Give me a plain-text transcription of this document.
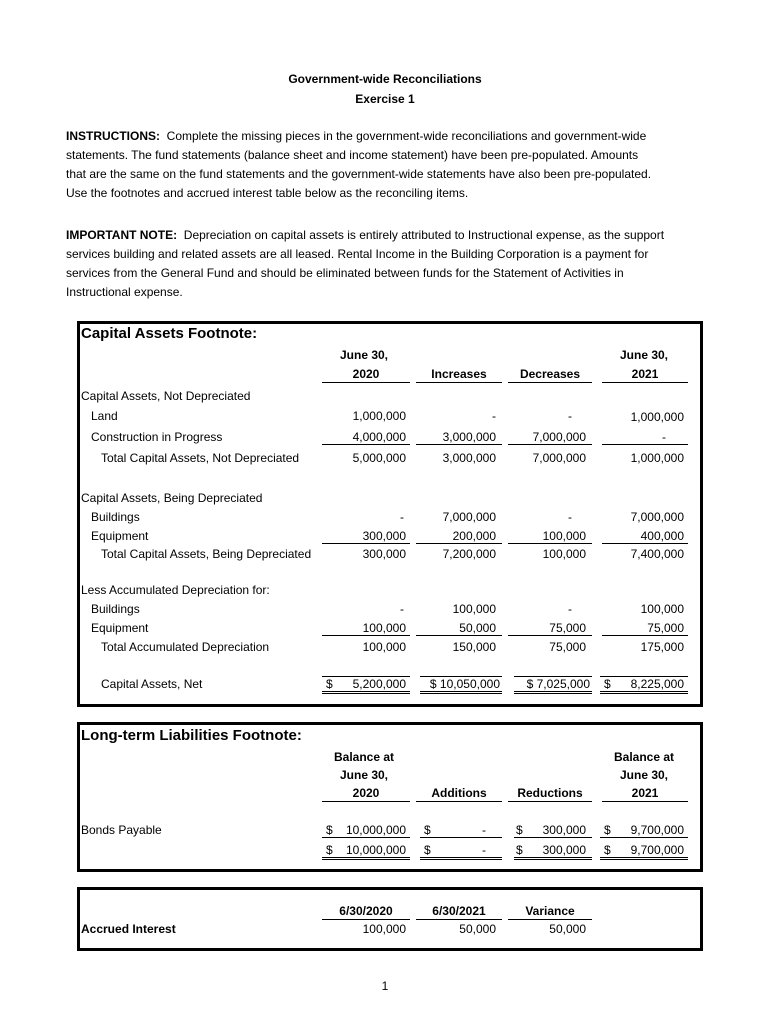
Government-wide Reconciliations
Exercise 1
INSTRUCTIONS: Complete the missing pieces in the government-wide reconciliations and government-wide
statements. The fund statements (balance sheet and income statement) have been pre-populated. Amounts
that are the same on the fund statements and the government-wide statements have also been pre-populated.
Use the footnotes and accrued interest table below as the reconciling items.
IMPORTANT NOTE: Depreciation on capital assets is entirely attributed to Instructional expense, as the support
services building and related assets are all leased. Rental Income in the Building Corporation is a payment for
services from the General Fund and should be eliminated between funds for the Statement of Activities in
Instructional expense.
Capital Assets Footnote:
June 30,
2020	Increases	Decreases
June 30,
2021
Capital Assets, Not Depreciated
Land	1,000,000	-	-	1,000,000
Construction in Progress	4,000,000	3,000,000	7,000,000	-
Total Capital Assets, Not Depreciated	5,000,000	3,000,000	7,000,000	1,000,000
Capital Assets, Being Depreciated
Buildings	-	7,000,000	-	7,000,000
Equipment	300,000	200,000	100,000	400,000
Total Capital Assets, Being Depreciated	300,000	7,200,000	100,000	7,400,000
Less Accumulated Depreciation for:
Buildings	-	100,000	-	100,000
Equipment	100,000	50,000	75,000	75,000
Total Accumulated Depreciation	100,000	150,000	75,000	175,000
Capital Assets, Net	$ 5,200,000	$ 10,050,000	$ 7,025,000 $ 8,225,000
Long-term Liabilities Footnote:
Balance at
June 30,
2020	Additions	Reductions
Balance at
June 30,
2021
Bonds Payable	$ 10,000,000	$	-	$ 300,000	$ 9,700,000
$ 10,000,000	$	-	$ 300,000	$ 9,700,000
6/30/2020	6/30/2021	Variance
Accrued Interest	100,000	50,000	50,000
1
